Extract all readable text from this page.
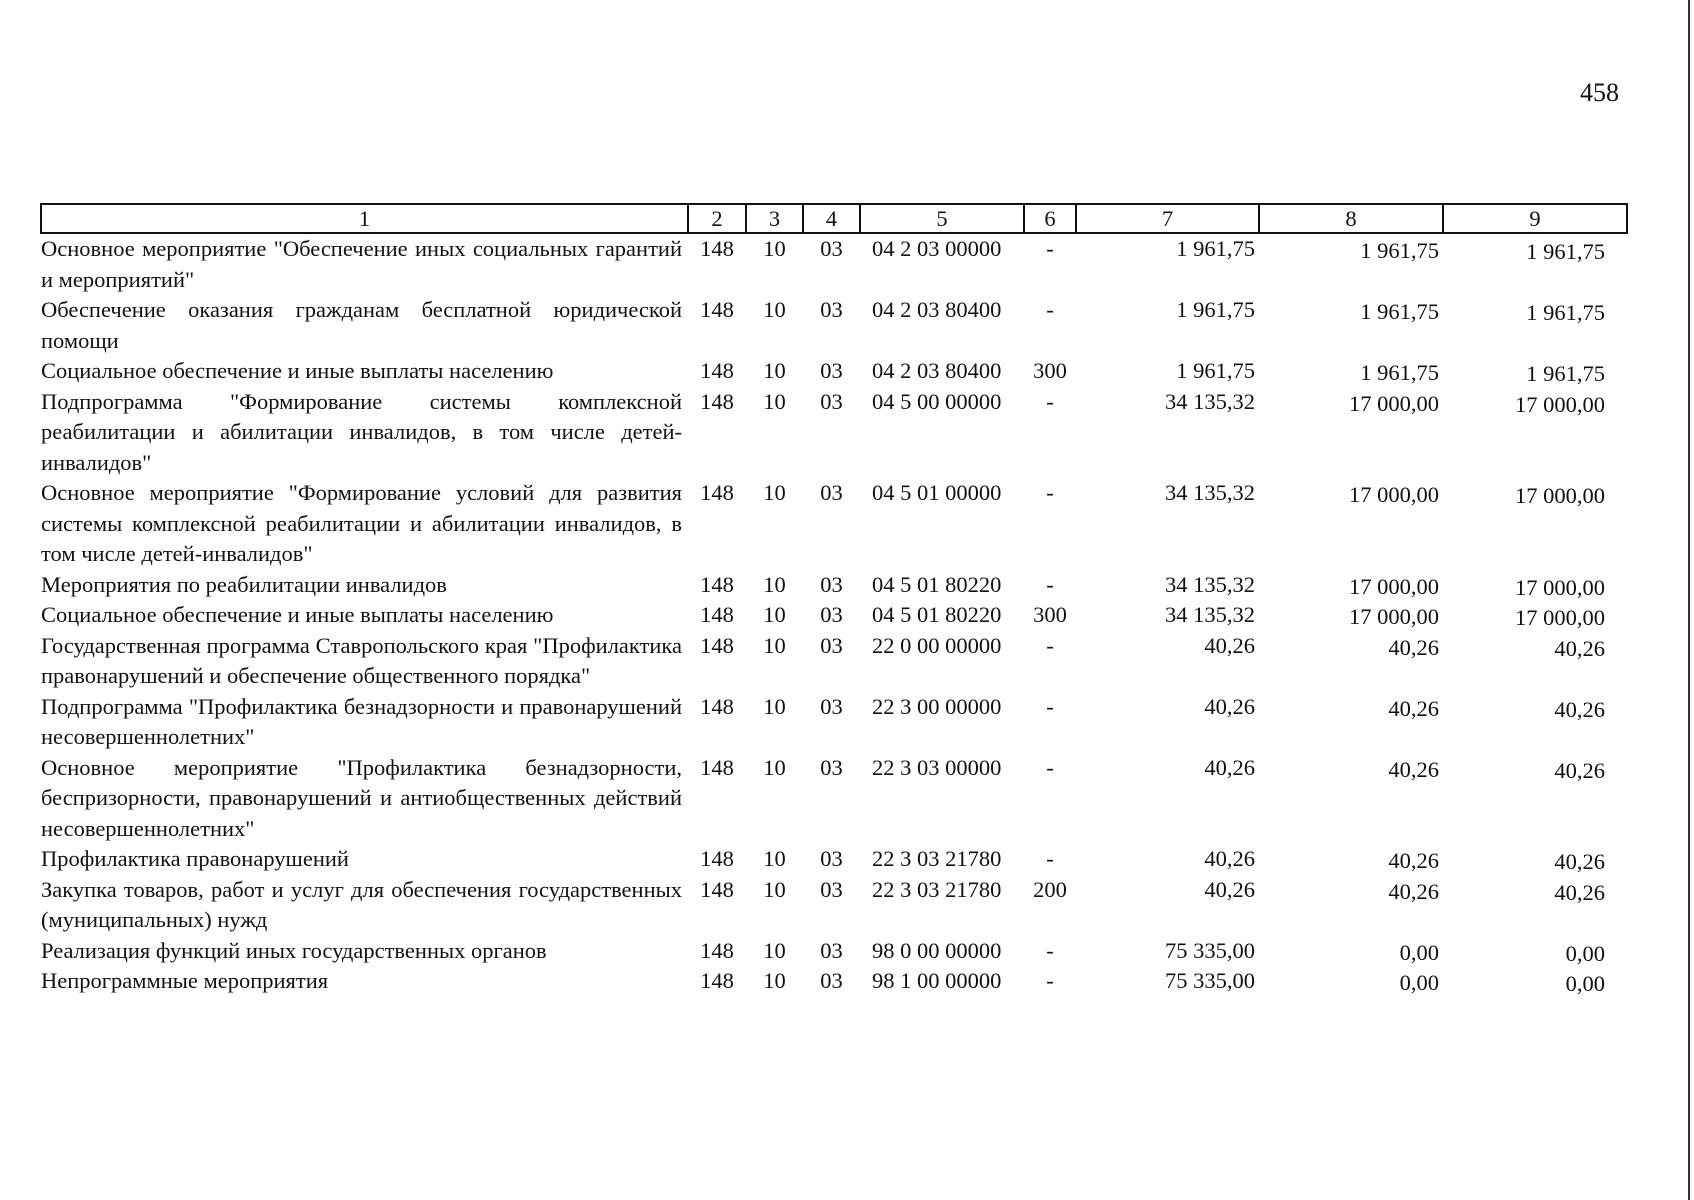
458
1	2	3	4	5	6	7	8	9
Основное мероприятие "Обеспечение иных социальных гарантий и мероприятий"	148	10	03	04 2 03 00000	-	1 961,75	1 961,75	1 961,75
Обеспечение оказания гражданам бесплатной юридической помощи	148	10	03	04 2 03 80400	-	1 961,75	1 961,75	1 961,75
Социальное обеспечение и иные выплаты населению	148	10	03	04 2 03 80400	300	1 961,75	1 961,75	1 961,75
Подпрограмма "Формирование системы комплексной реабилитации и абилитации инвалидов, в том числе детей-инвалидов"	148	10	03	04 5 00 00000	-	34 135,32	17 000,00	17 000,00
Основное мероприятие "Формирование условий для развития системы комплексной реабилитации и абилитации инвалидов, в том числе детей-инвалидов"	148	10	03	04 5 01 00000	-	34 135,32	17 000,00	17 000,00
Мероприятия по реабилитации инвалидов	148	10	03	04 5 01 80220	-	34 135,32	17 000,00	17 000,00
Социальное обеспечение и иные выплаты населению	148	10	03	04 5 01 80220	300	34 135,32	17 000,00	17 000,00
Государственная программа Ставропольского края "Профилактика правонарушений и обеспечение общественного порядка"	148	10	03	22 0 00 00000	-	40,26	40,26	40,26
Подпрограмма "Профилактика безнадзорности и правонарушений несовершеннолетних"	148	10	03	22 3 00 00000	-	40,26	40,26	40,26
Основное мероприятие "Профилактика безнадзорности, беспризорности, правонарушений и антиобщественных действий несовершеннолетних"	148	10	03	22 3 03 00000	-	40,26	40,26	40,26
Профилактика правонарушений	148	10	03	22 3 03 21780	-	40,26	40,26	40,26
Закупка товаров, работ и услуг для обеспечения государственных (муниципальных) нужд	148	10	03	22 3 03 21780	200	40,26	40,26	40,26
Реализация функций иных государственных органов	148	10	03	98 0 00 00000	-	75 335,00	0,00	0,00
Непрограммные мероприятия	148	10	03	98 1 00 00000	-	75 335,00	0,00	0,00
